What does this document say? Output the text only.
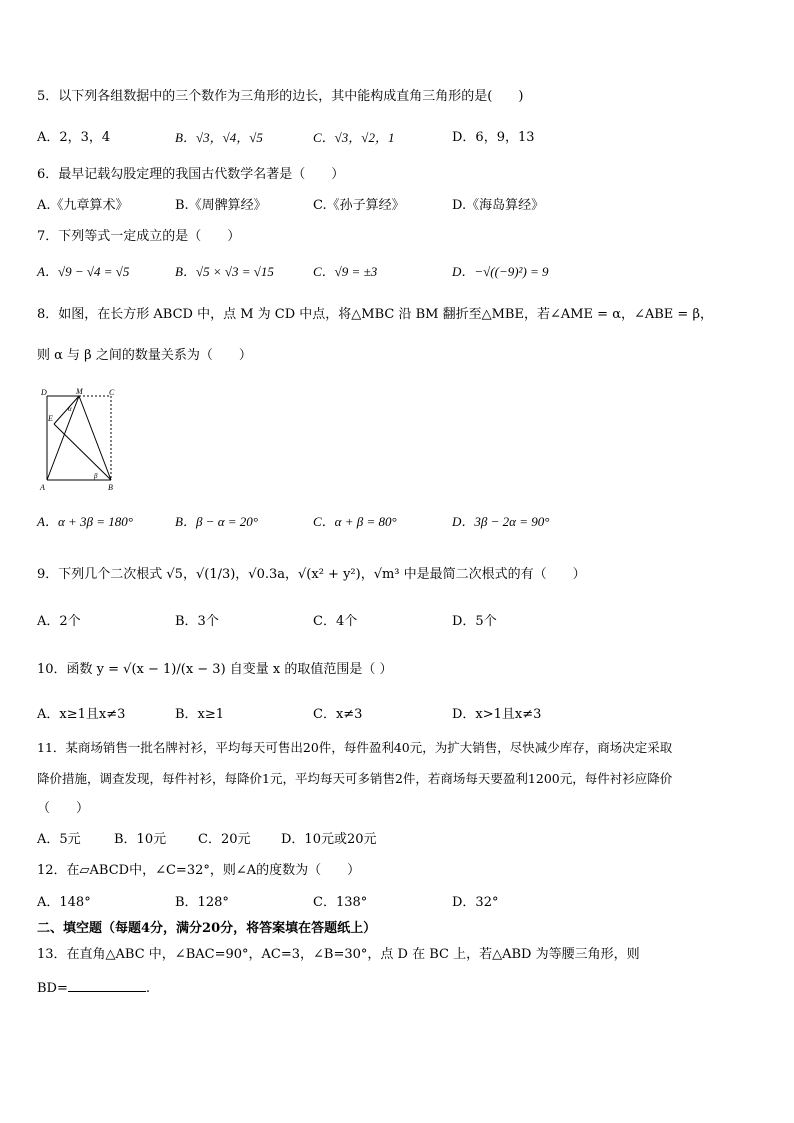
5．以下列各组数据中的三个数作为三角形的边长，其中能构成直角三角形的是(　　)
A．2，3，4	B．√3，√4，√5	C．√3，√2，1	D．6，9，13
6．最早记载勾股定理的我国古代数学名著是（　　）
A.《九章算术》	B.《周髀算经》	C.《孙子算经》	D.《海岛算经》
7．下列等式一定成立的是（　　）
A．√9 − √4 = √5	B．√5 × √3 = √15	C．√9 = ±3	D．−√((−9)²) = 9
8．如图，在长方形 ABCD 中，点 M 为 CD 中点，将△MBC 沿 BM 翻折至△MBE，若∠AME = α，∠ABE = β，
则 α 与 β 之间的数量关系为（　　）
D	M	C
E
A	B
α
β
A．α + 3β = 180°	B．β − α = 20°	C．α + β = 80°	D．3β − 2α = 90°
9．下列几个二次根式 √5，√(1/3)，√0.3a，√(x² + y²)，√m³ 中是最简二次根式的有（　　）
A．2个	B．3个	C．4个	D．5个
10．函数 y = √(x − 1)/(x − 3) 自变量 x 的取值范围是（ ）
A．x≥1且x≠3	B．x≥1	C．x≠3	D．x>1且x≠3
11．某商场销售一批名牌衬衫，平均每天可售出20件，每件盈利40元，为扩大销售，尽快减少库存，商场决定采取
降价措施，调查发现，每件衬衫，每降价1元，平均每天可多销售2件，若商场每天要盈利1200元，每件衬衫应降价
（　　）
A．5元	B．10元 C．20元 D．10元或20元
12．在▱ABCD中，∠C=32°，则∠A的度数为（　　）
A．148°	B．128°	C．138°	D．32°
二、填空题（每题4分，满分20分，将答案填在答题纸上）
13．在直角△ABC 中，∠BAC=90°，AC=3，∠B=30°，点 D 在 BC 上，若△ABD 为等腰三角形，则
BD=	.
